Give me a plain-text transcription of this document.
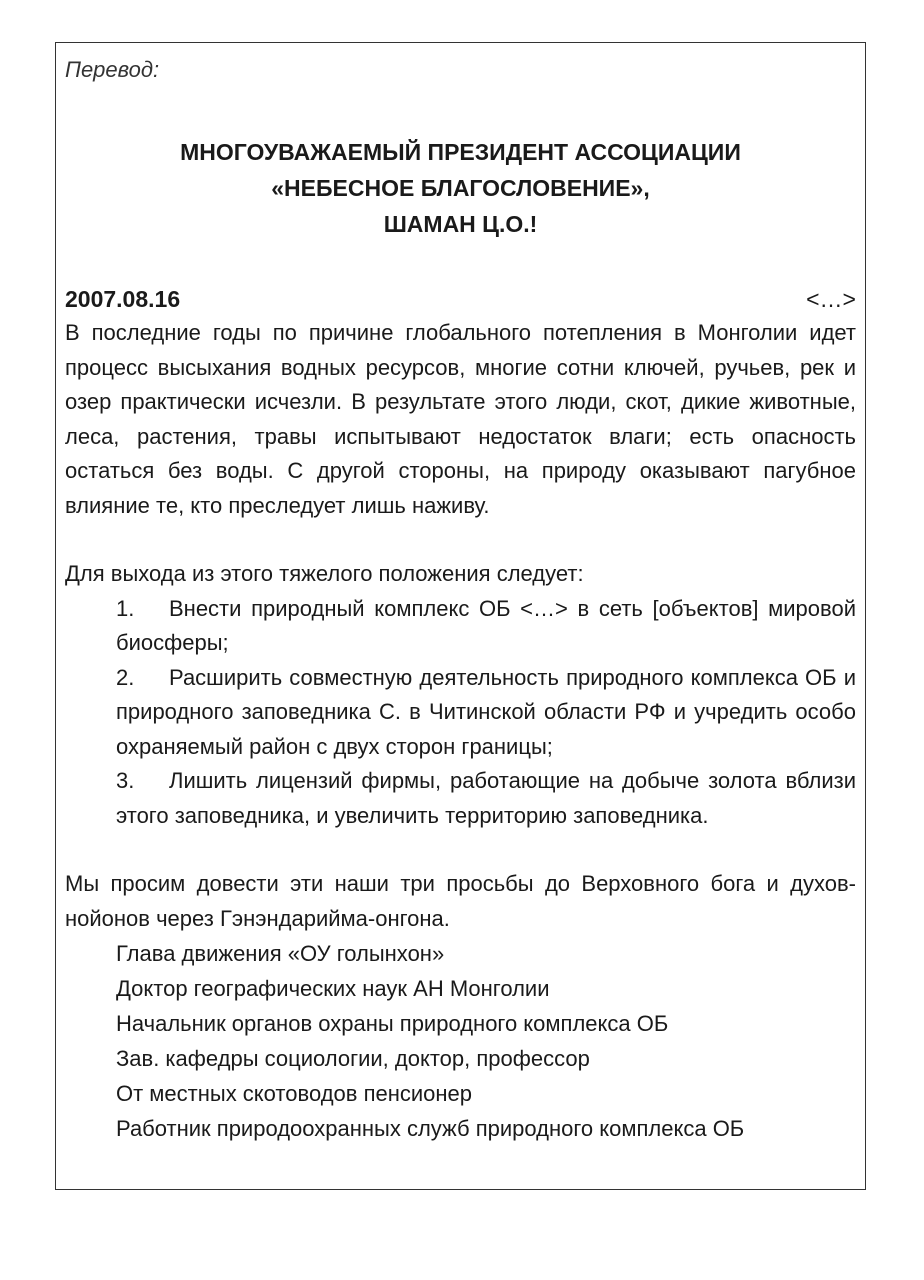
Перевод:

МНОГОУВАЖАЕМЫЙ ПРЕЗИДЕНТ АССОЦИАЦИИ
«НЕБЕСНОЕ БЛАГОСЛОВЕНИЕ»,
ШАМАН Ц.О.!
2007.08.16	<…>

В последние годы по причине глобального потепления в Монголии идет процесс высыхания водных ресурсов, многие сотни ключей, ручьев, рек и озер практически исчезли. В результате этого люди, скот, дикие животные, леса, растения, травы испытывают недостаток влаги; есть опасность остаться без воды. С другой стороны, на природу оказывают пагубное влияние те, кто преследует лишь наживу.

Для выхода из этого тяжелого положения следует:

1. Внести природный комплекс ОБ <…> в сеть [объектов] мировой биосферы;
2. Расширить совместную деятельность природного комплекса ОБ и природного заповедника С. в Читинской области РФ и учредить особо охраняемый район с двух сторон границы;
3. Лишить лицензий фирмы, работающие на добыче золота вблизи этого заповедника, и увеличить территорию заповедника.

Мы просим довести эти наши три просьбы до Верховного бога и духов-нойонов через Гэнэндарийма-онгона.

Глава движения «ОУ голынхон»
Доктор географических наук АН Монголии
Начальник органов охраны природного комплекса ОБ
Зав. кафедры социологии, доктор, профессор
От местных скотоводов пенсионер
Работник природоохранных служб природного комплекса ОБ
